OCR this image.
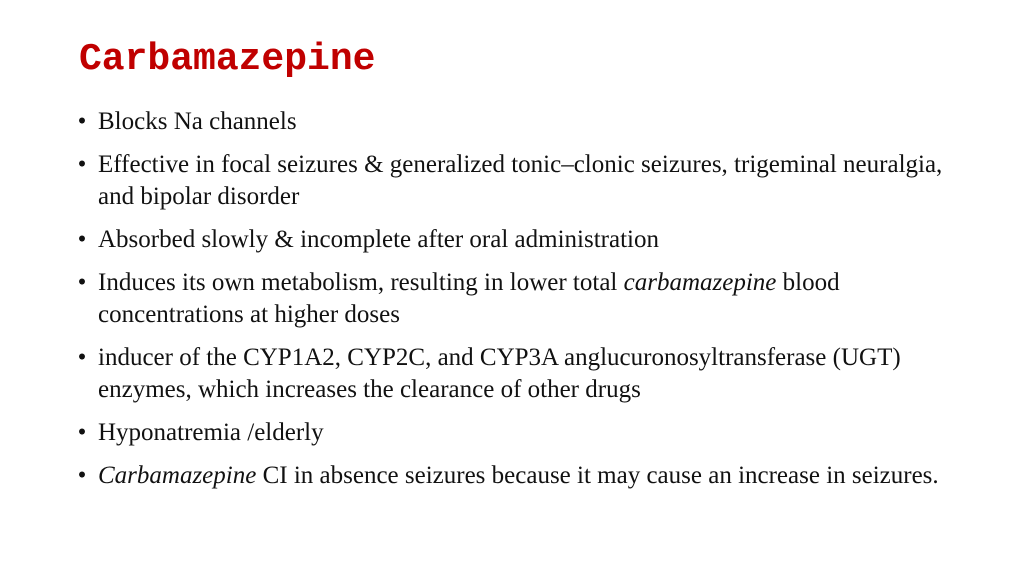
Carbamazepine
• Blocks Na channels
• Effective in focal seizures & generalized tonic–clonic seizures, trigeminal neuralgia, and bipolar disorder
• Absorbed slowly & incomplete after oral administration
• Induces its own metabolism, resulting in lower total carbamazepine blood concentrations at higher doses
• inducer of the CYP1A2, CYP2C, and CYP3A anglucuronosyltransferase (UGT) enzymes, which increases the clearance of other drugs
• Hyponatremia /elderly
• Carbamazepine CI in absence seizures because it may cause an increase in seizures.
